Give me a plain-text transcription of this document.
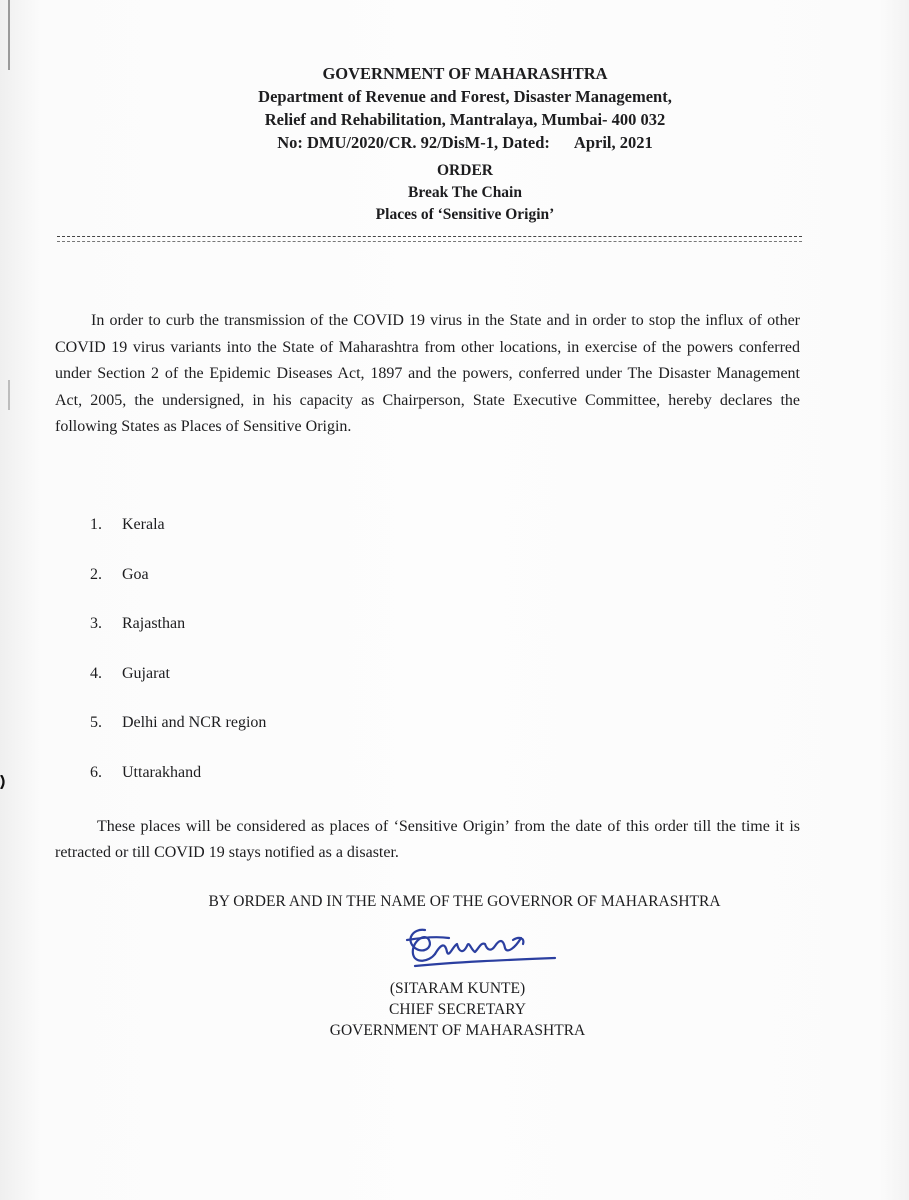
GOVERNMENT OF MAHARASHTRA
Department of Revenue and Forest, Disaster Management,
Relief and Rehabilitation, Mantralaya, Mumbai- 400 032
No: DMU/2020/CR. 92/DisM-1, Dated: April, 2021
ORDER
Break The Chain
Places of ‘Sensitive Origin’

In order to curb the transmission of the COVID 19 virus in the State and in order to stop the influx of other COVID 19 virus variants into the State of Maharashtra from other locations, in exercise of the powers conferred under Section 2 of the Epidemic Diseases Act, 1897 and the powers, conferred under The Disaster Management Act, 2005, the undersigned, in his capacity as Chairperson, State Executive Committee, hereby declares the following States as Places of Sensitive Origin.

1. Kerala
2. Goa
3. Rajasthan
4. Gujarat
5. Delhi and NCR region
6. Uttarakhand

These places will be considered as places of ‘Sensitive Origin’ from the date of this order till the time it is retracted or till COVID 19 stays notified as a disaster.

BY ORDER AND IN THE NAME OF THE GOVERNOR OF MAHARASHTRA
(SITARAM KUNTE)
CHIEF SECRETARY
GOVERNMENT OF MAHARASHTRA
